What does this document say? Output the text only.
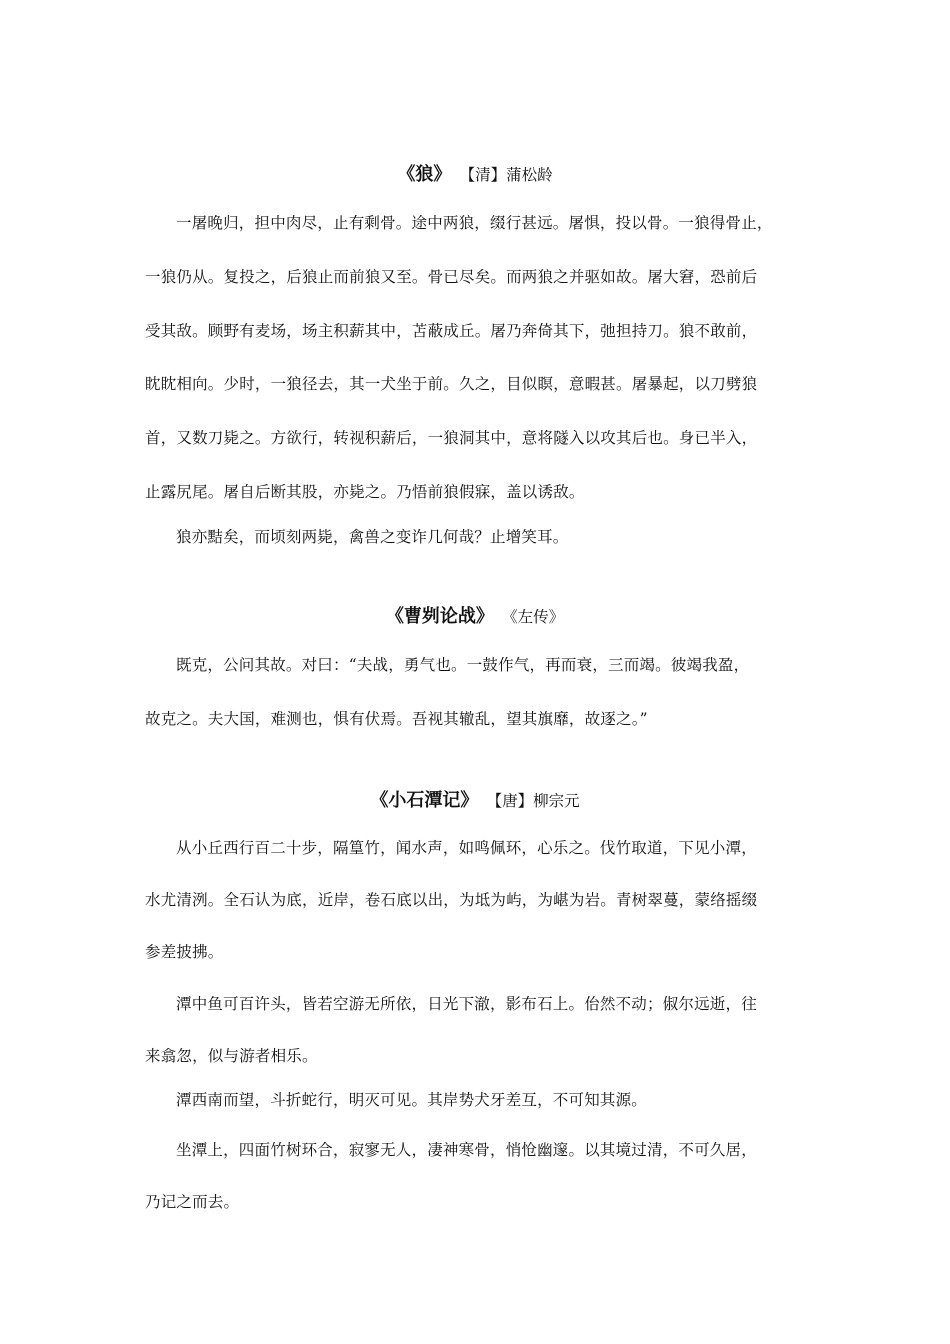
《狼》 【清】蒲松龄
一屠晚归，担中肉尽，止有剩骨。途中两狼，缀行甚远。屠惧，投以骨。一狼得骨止，
一狼仍从。复投之，后狼止而前狼又至。骨已尽矣。而两狼之并驱如故。屠大窘，恐前后
受其敌。顾野有麦场，场主积薪其中，苫蔽成丘。屠乃奔倚其下，弛担持刀。狼不敢前，
眈眈相向。少时，一狼径去，其一犬坐于前。久之，目似瞑，意暇甚。屠暴起，以刀劈狼
首，又数刀毙之。方欲行，转视积薪后，一狼洞其中，意将隧入以攻其后也。身已半入，
止露尻尾。屠自后断其股，亦毙之。乃悟前狼假寐，盖以诱敌。
狼亦黠矣，而顷刻两毙，禽兽之变诈几何哉？止增笑耳。
《曹刿论战》 《左传》
既克，公问其故。对曰：“夫战，勇气也。一鼓作气，再而衰，三而竭。彼竭我盈，
故克之。夫大国，难测也，惧有伏焉。吾视其辙乱，望其旗靡，故逐之。”
《小石潭记》 【唐】柳宗元
从小丘西行百二十步，隔篁竹，闻水声，如鸣佩环，心乐之。伐竹取道，下见小潭，
水尤清洌。全石认为底，近岸，卷石底以出，为坻为屿，为嵁为岩。青树翠蔓，蒙络摇缀
参差披拂。
潭中鱼可百许头，皆若空游无所依，日光下澈，影布石上。佁然不动；俶尔远逝，往
来翕忽，似与游者相乐。
潭西南而望，斗折蛇行，明灭可见。其岸势犬牙差互，不可知其源。
坐潭上，四面竹树环合，寂寥无人，凄神寒骨，悄怆幽邃。以其境过清，不可久居，
乃记之而去。
